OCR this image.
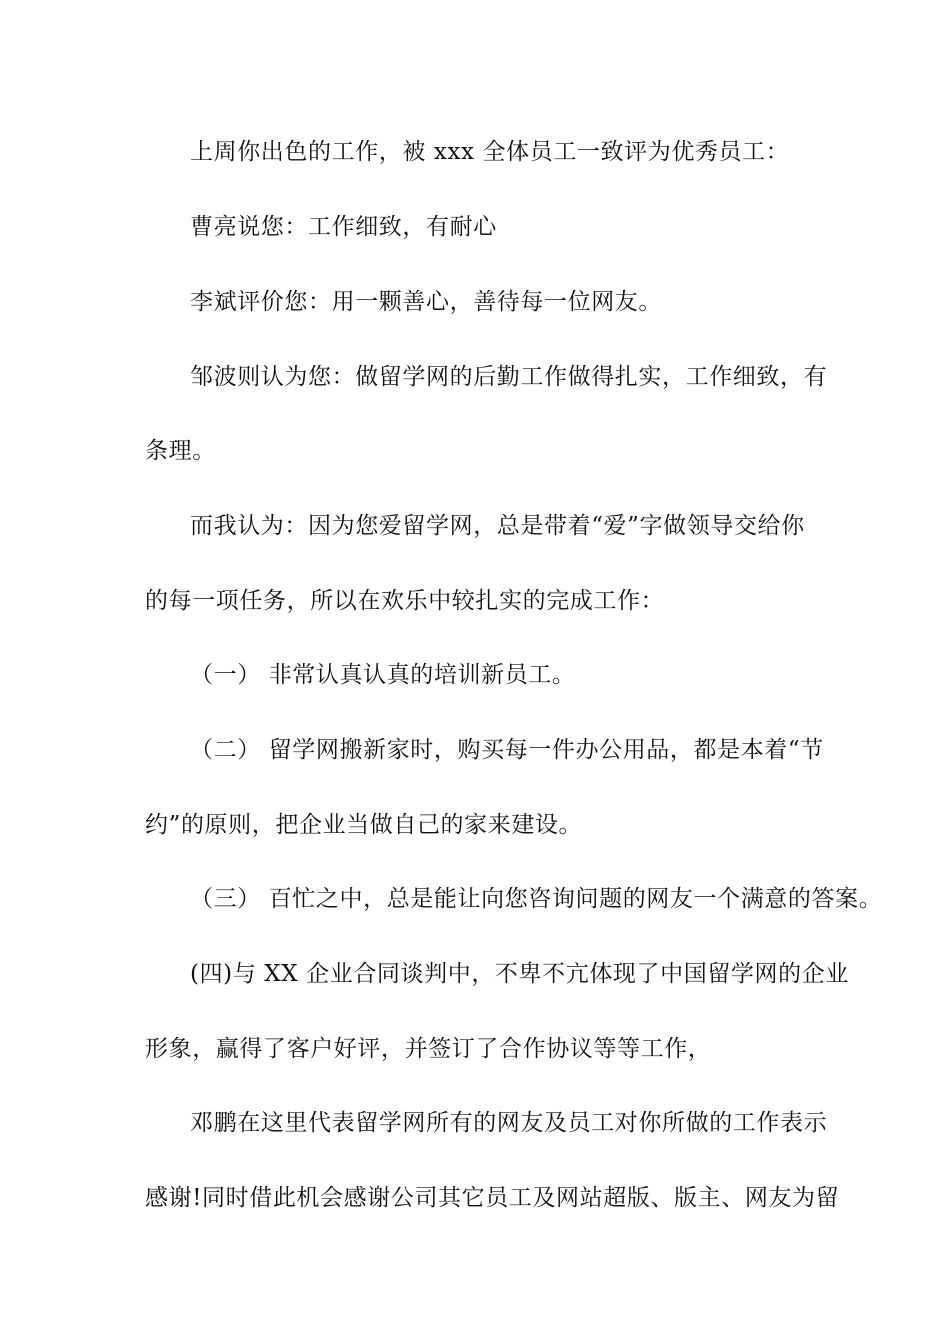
上周你出色的工作，被 xxx 全体员工一致评为优秀员工：

曹亮说您：工作细致，有耐心

李斌评价您：用一颗善心，善待每一位网友。

邹波则认为您：做留学网的后勤工作做得扎实，工作细致，有

条理。

而我认为：因为您爱留学网，总是带着“爱”字做领导交给你

的每一项任务，所以在欢乐中较扎实的完成工作：

（一） 非常认真认真的培训新员工。

（二） 留学网搬新家时，购买每一件办公用品，都是本着“节

约”的原则，把企业当做自己的家来建设。

（三） 百忙之中，总是能让向您咨询问题的网友一个满意的答案。

(四)与 XX 企业合同谈判中，不卑不亢体现了中国留学网的企业

形象，赢得了客户好评，并签订了合作协议等等工作，

邓鹏在这里代表留学网所有的网友及员工对你所做的工作表示

感谢!同时借此机会感谢公司其它员工及网站超版、版主、网友为留
